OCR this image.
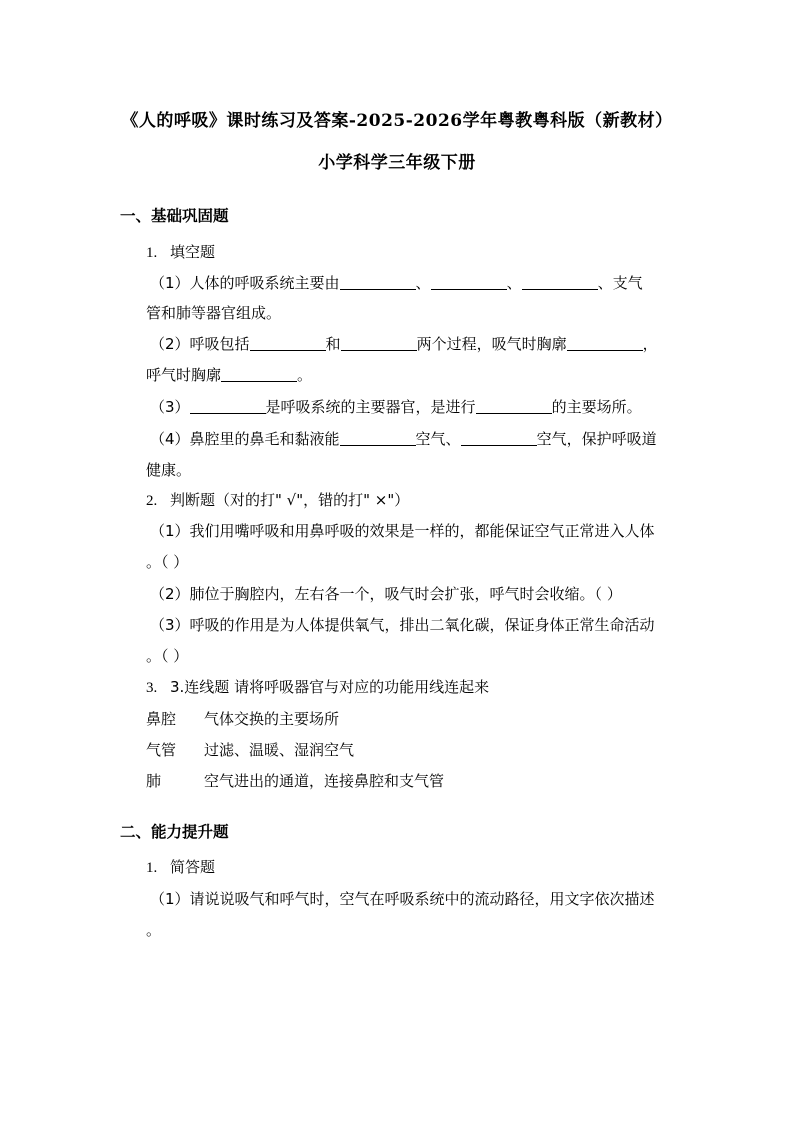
《人的呼吸》课时练习及答案-2025-2026学年粤教粤科版（新教材）
小学科学三年级下册
一、基础巩固题
1. 填空题
（1）人体的呼吸系统主要由	、	、	、支气
管和肺等器官组成。
（2）呼吸包括	和	两个过程，吸气时胸廓	，
呼气时胸廓	。
（3）	是呼吸系统的主要器官，是进行	的主要场所。
（4）鼻腔里的鼻毛和黏液能	空气、	空气，保护呼吸道
健康。
2. 判断题（对的打" √"，错的打" ×"）
（1）我们用嘴呼吸和用鼻呼吸的效果是一样的，都能保证空气正常进入人体
。（ ）
（2）肺位于胸腔内，左右各一个，吸气时会扩张，呼气时会收缩。（ ）
（3）呼吸的作用是为人体提供氧气，排出二氧化碳，保证身体正常生命活动
。（ ）
3. 3.连线题 请将呼吸器官与对应的功能用线连起来
鼻腔 气体交换的主要场所
气管 过滤、温暖、湿润空气
肺	空气进出的通道，连接鼻腔和支气管
二、能力提升题
1. 简答题
（1）请说说吸气和呼气时，空气在呼吸系统中的流动路径，用文字依次描述
。
